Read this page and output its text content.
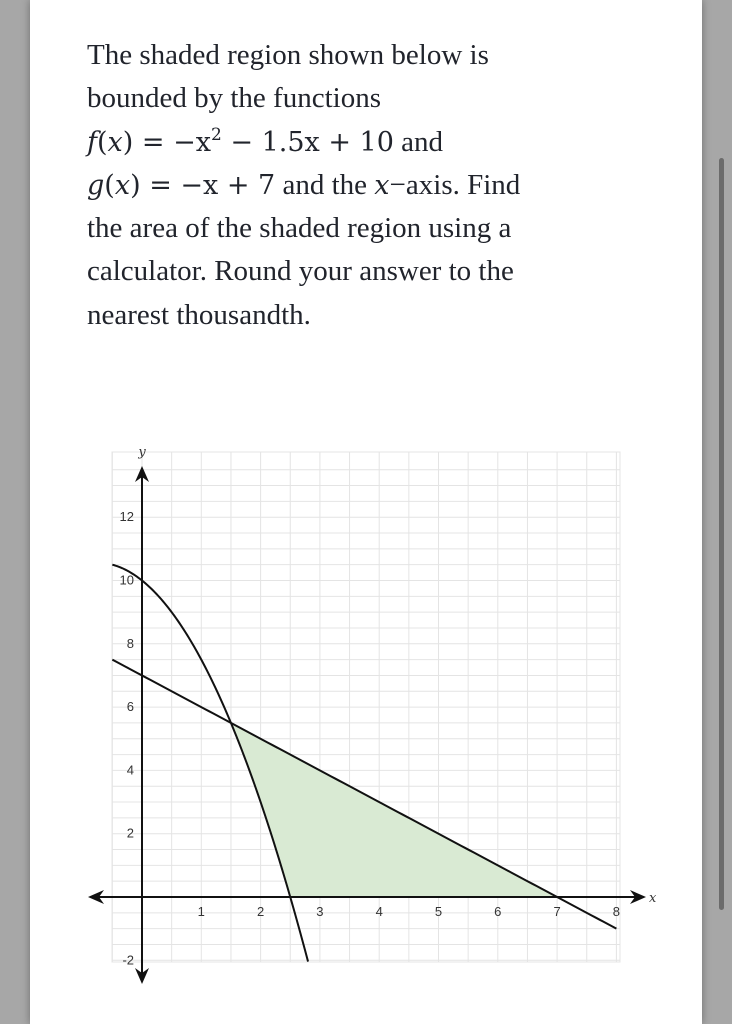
The shaded region shown below is
bounded by the functions
$f(x) = -x^2 - 1.5x + 10$ and
g(x) = −x + 7 and the x−axis. Find
the area of the shaded region using a
calculator. Round your answer to the
nearest thousandth.

1	2	3	4	5	6	7	8
-2
2
4
6
8
10
12
x
y
